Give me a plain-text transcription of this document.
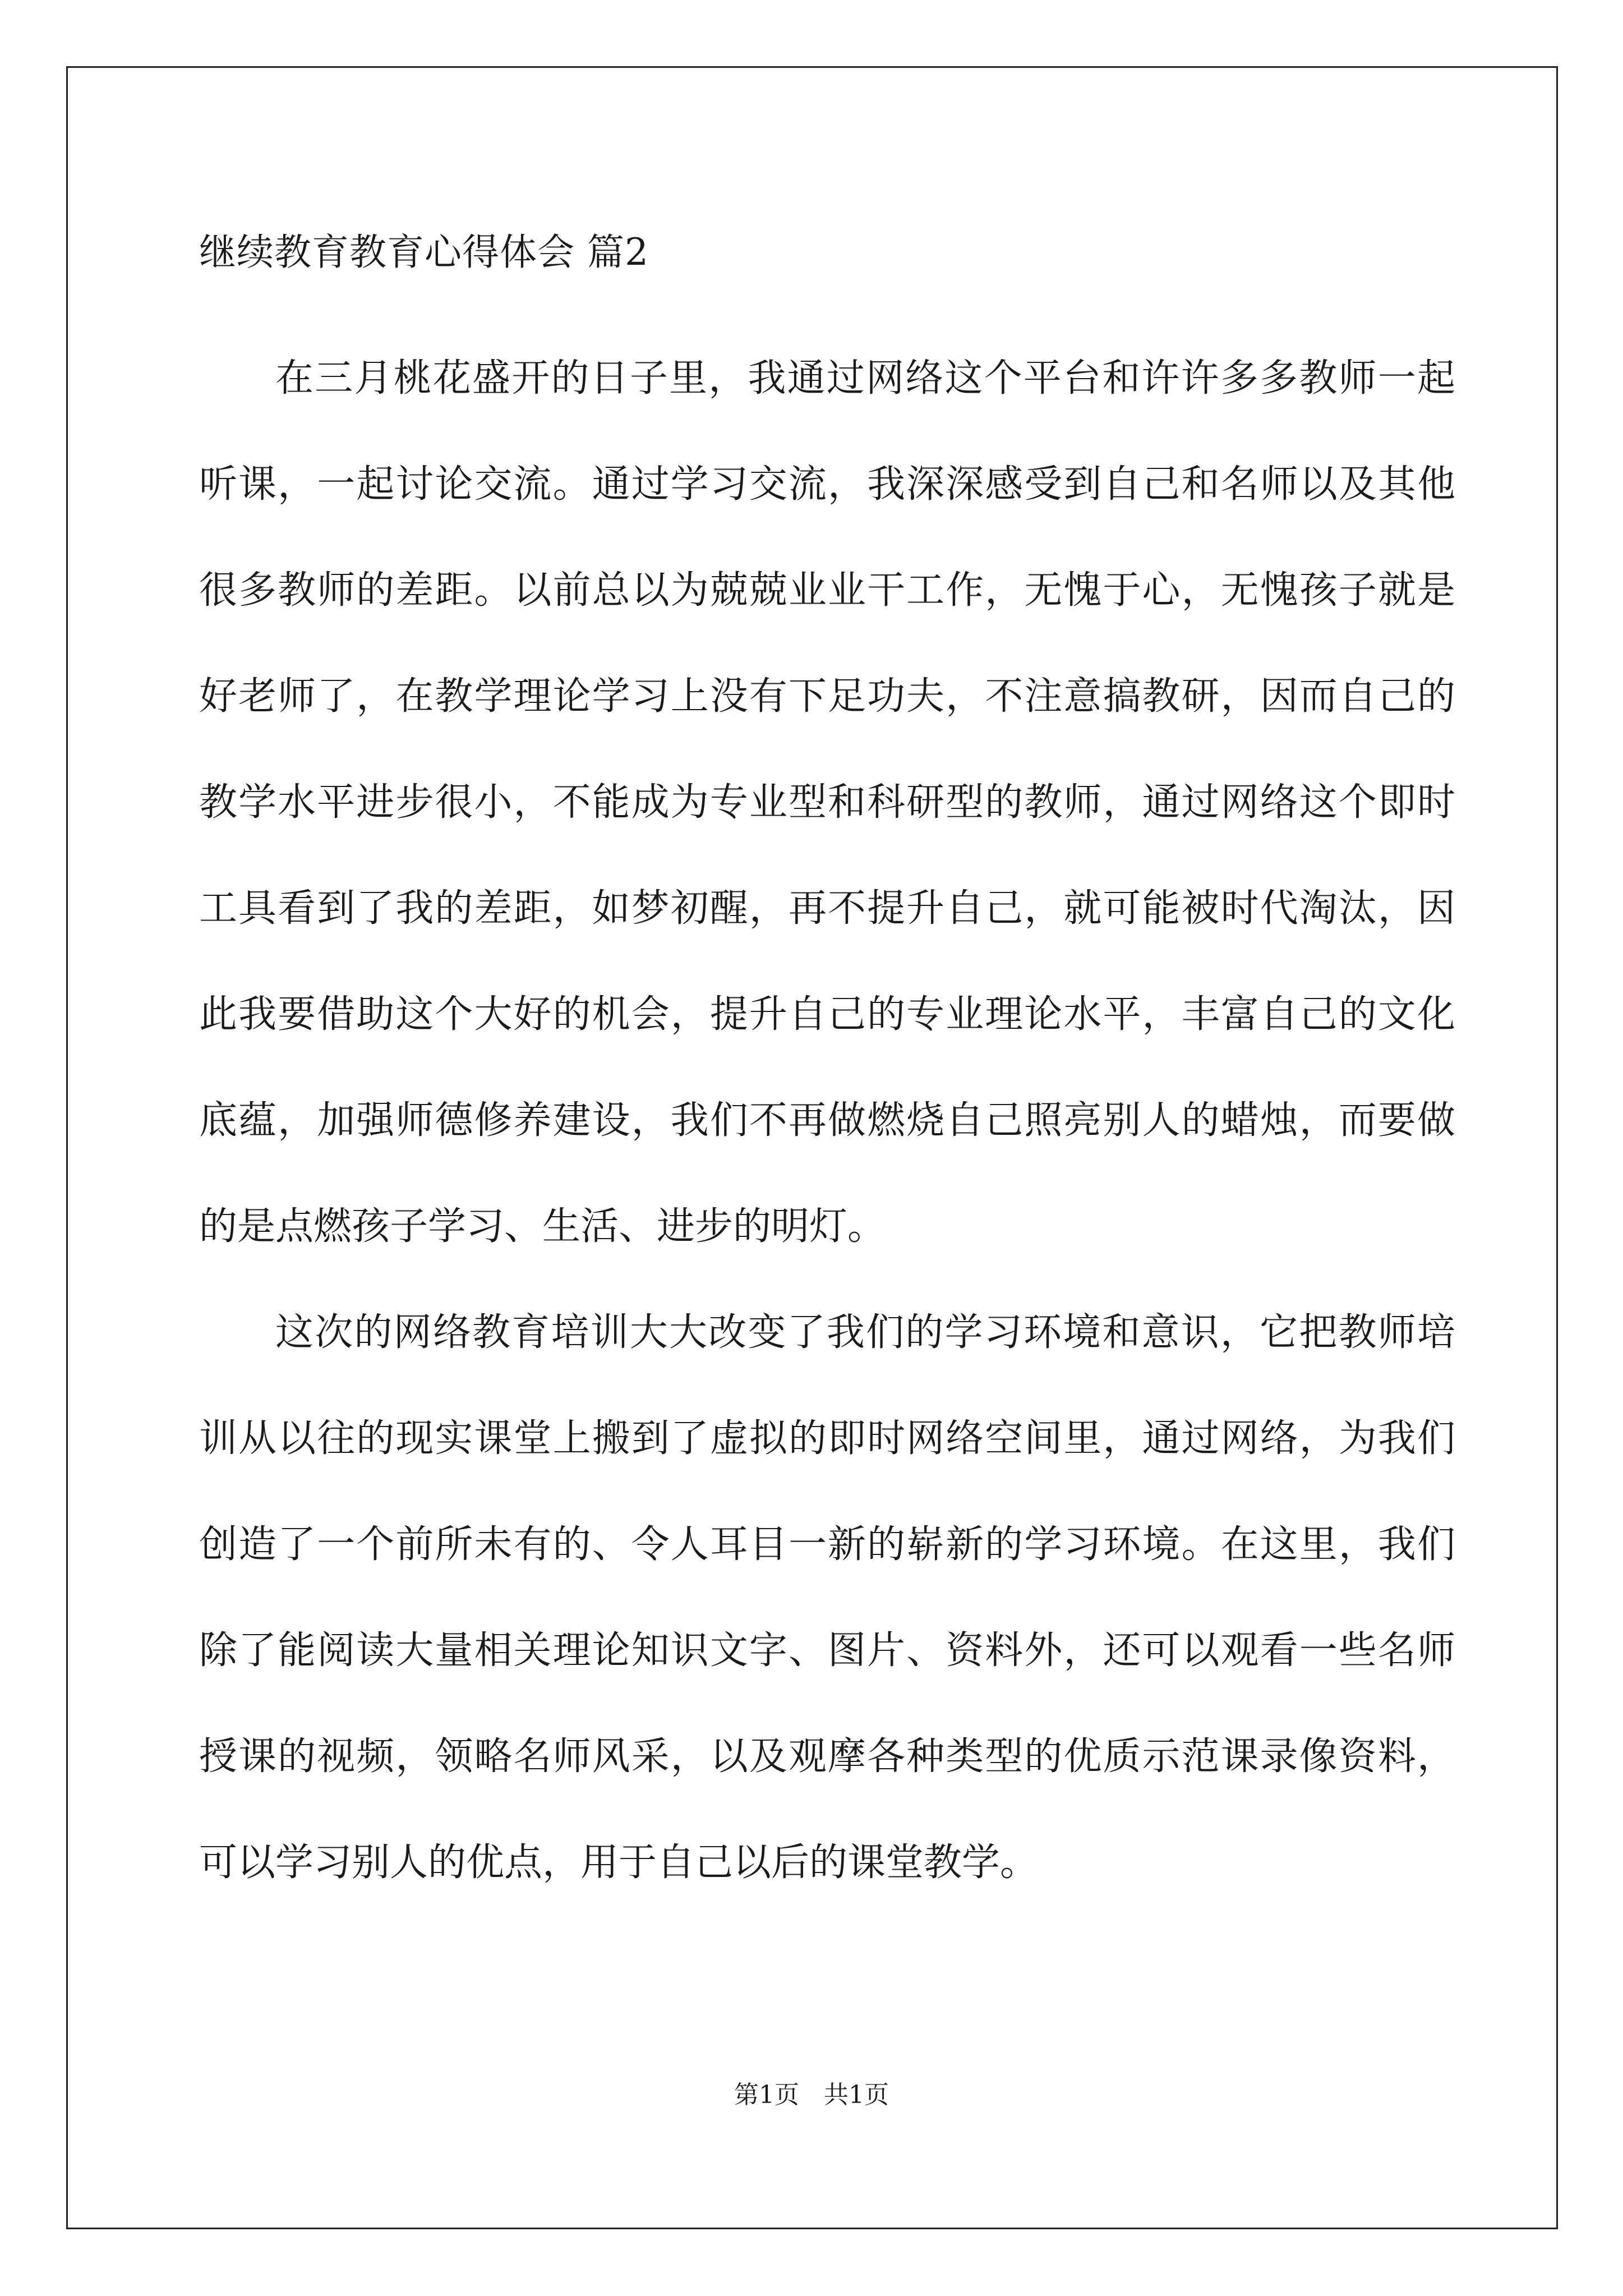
继续教育教育心得体会 篇2

在三月桃花盛开的日子里，我通过网络这个平台和许许多多教师一起听课，一起讨论交流。通过学习交流，我深深感受到自己和名师以及其他很多教师的差距。以前总以为兢兢业业干工作，无愧于心，无愧孩子就是好老师了，在教学理论学习上没有下足功夫，不注意搞教研，因而自己的教学水平进步很小，不能成为专业型和科研型的教师，通过网络这个即时工具看到了我的差距，如梦初醒，再不提升自己，就可能被时代淘汰，因此我要借助这个大好的机会，提升自己的专业理论水平，丰富自己的文化底蕴，加强师德修养建设，我们不再做燃烧自己照亮别人的蜡烛，而要做的是点燃孩子学习、生活、进步的明灯。

这次的网络教育培训大大改变了我们的学习环境和意识，它把教师培训从以往的现实课堂上搬到了虚拟的即时网络空间里，通过网络，为我们创造了一个前所未有的、令人耳目一新的崭新的学习环境。在这里，我们除了能阅读大量相关理论知识文字、图片、资料外，还可以观看一些名师授课的视频，领略名师风采，以及观摩各种类型的优质示范课录像资料，可以学习别人的优点，用于自己以后的课堂教学。

第1页　共1页
